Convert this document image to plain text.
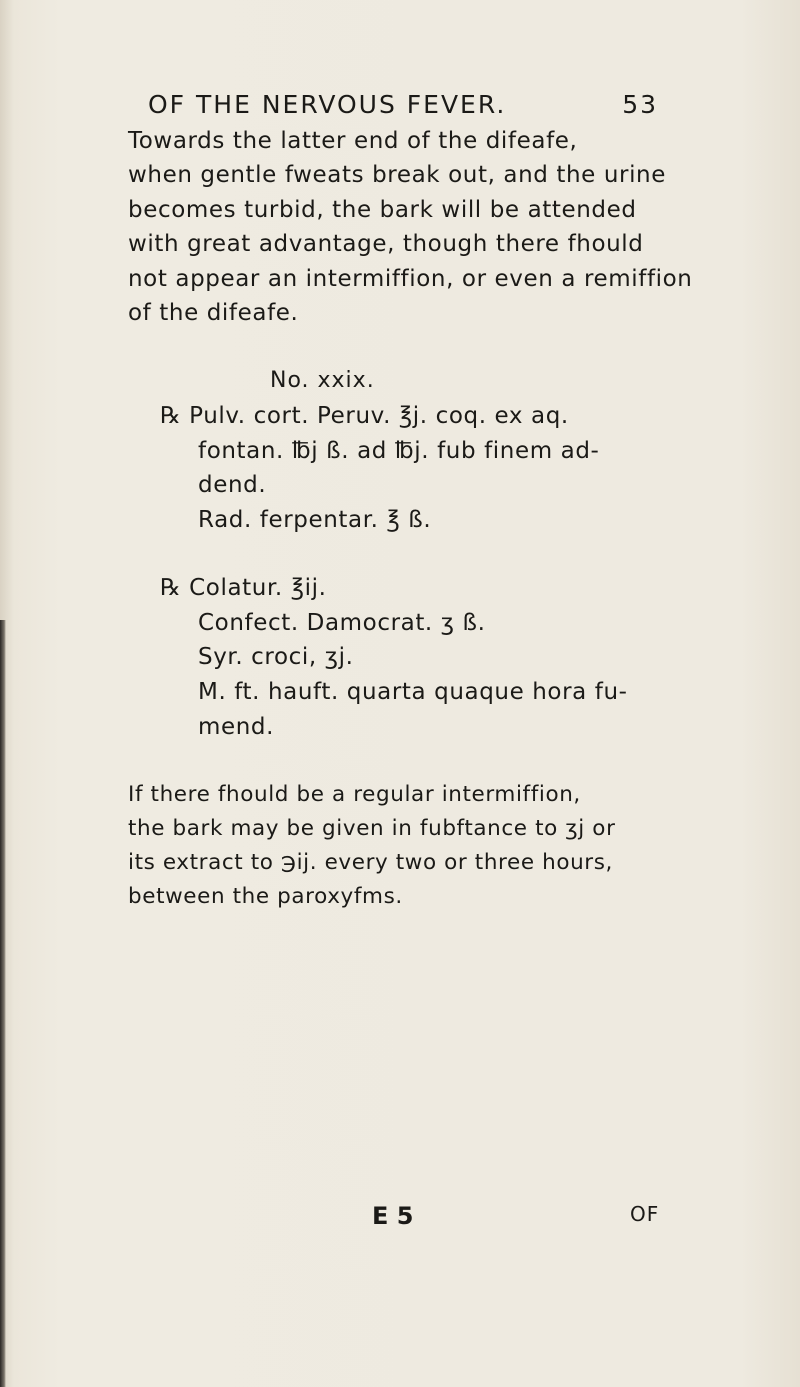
OF THE NERVOUS FEVER.	53
Towards the latter end of the difeafe,
when gentle fweats break out, and the urine
becomes turbid, the bark will be attended
with great advantage, though there fhould
not appear an intermiffion, or even a remiffion
of the difeafe.
No. xxix.
℞ Pulv. cort. Peruv. ℥j. coq. ex aq.
fontan. ℔j ß. ad ℔j. fub finem ad-
dend.
Rad. ferpentar. ℥ ß.
℞ Colatur. ℥ij.
Confect. Damocrat. ʒ ß.
Syr. croci, ʒj.
M. ft. hauft. quarta quaque hora fu-
mend.
If there fhould be a regular intermiffion,
the bark may be given in fubftance to ʒj or
its extract to ℈ij. every two or three hours,
between the paroxyfms.
E 5	OF
